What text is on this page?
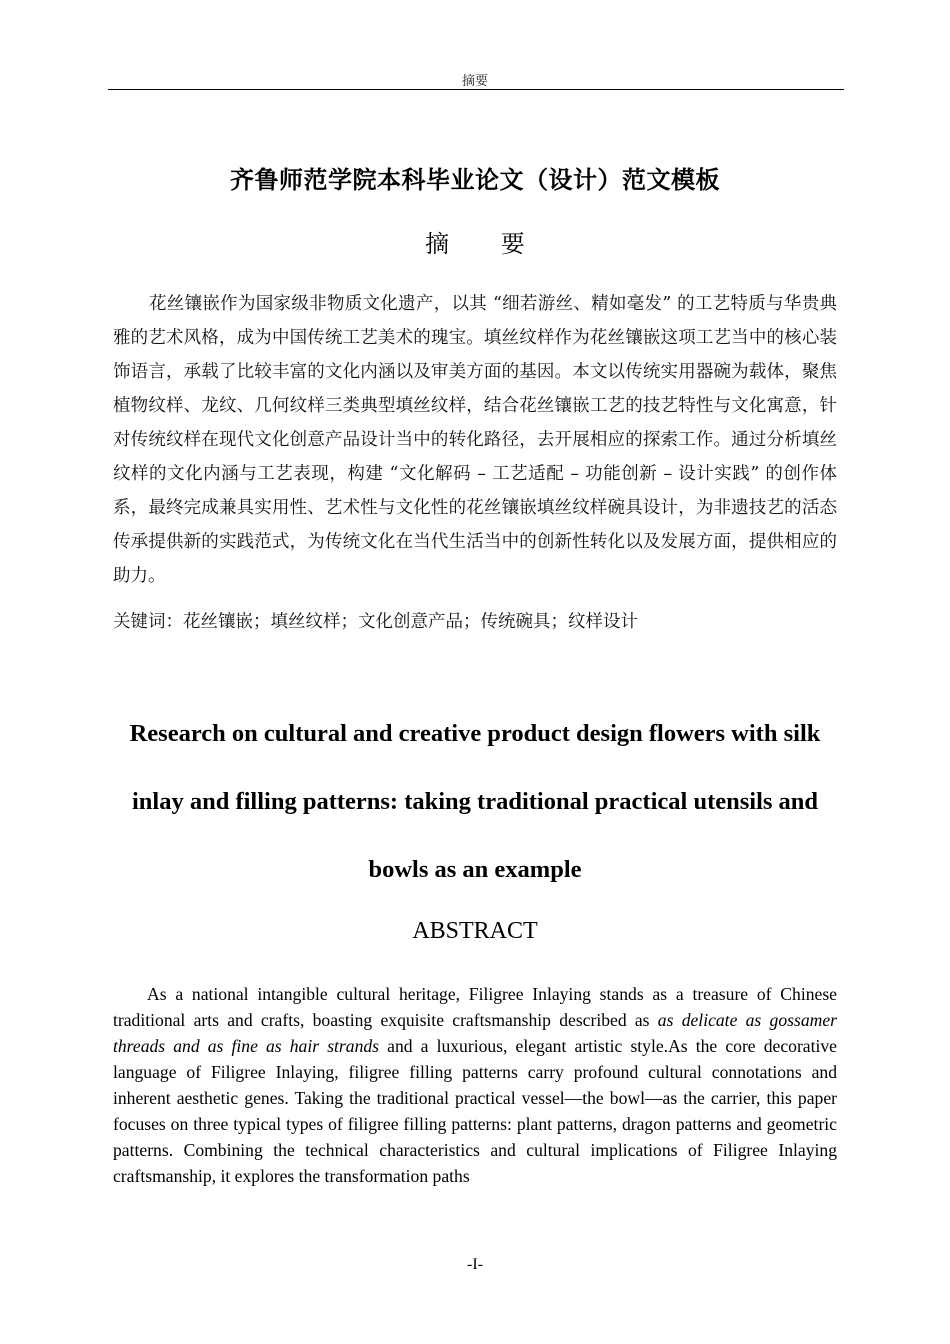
摘要
齐鲁师范学院本科毕业论文（设计）范文模板
摘 要

花丝镶嵌作为国家级非物质文化遗产，以其 “细若游丝、精如毫发” 的工艺特质与华贵典雅的艺术风格，成为中国传统工艺美术的瑰宝。填丝纹样作为花丝镶嵌这项工艺当中的核心装饰语言，承载了比较丰富的文化内涵以及审美方面的基因。本文以传统实用器碗为载体，聚焦植物纹样、龙纹、几何纹样三类典型填丝纹样，结合花丝镶嵌工艺的技艺特性与文化寓意，针对传统纹样在现代文化创意产品设计当中的转化路径，去开展相应的探索工作。通过分析填丝纹样的文化内涵与工艺表现，构建 “文化解码 – 工艺适配 – 功能创新 – 设计实践” 的创作体系，最终完成兼具实用性、艺术性与文化性的花丝镶嵌填丝纹样碗具设计，为非遗技艺的活态传承提供新的实践范式，为传统文化在当代生活当中的创新性转化以及发展方面，提供相应的助力。

关键词：花丝镶嵌；填丝纹样；文化创意产品；传统碗具；纹样设计

Research on cultural and creative product design flowers with silk inlay and filling patterns: taking traditional practical utensils and bowls as an example

ABSTRACT

As a national intangible cultural heritage, Filigree Inlaying stands as a treasure of Chinese traditional arts and crafts, boasting exquisite craftsmanship described as as delicate as gossamer threads and as fine as hair strands and a luxurious, elegant artistic style.As the core decorative language of Filigree Inlaying, filigree filling patterns carry profound cultural connotations and inherent aesthetic genes. Taking the traditional practical vessel—the bowl—as the carrier, this paper focuses on three typical types of filigree filling patterns: plant patterns, dragon patterns and geometric patterns. Combining the technical characteristics and cultural implications of Filigree Inlaying craftsmanship, it explores the transformation paths

-I-
